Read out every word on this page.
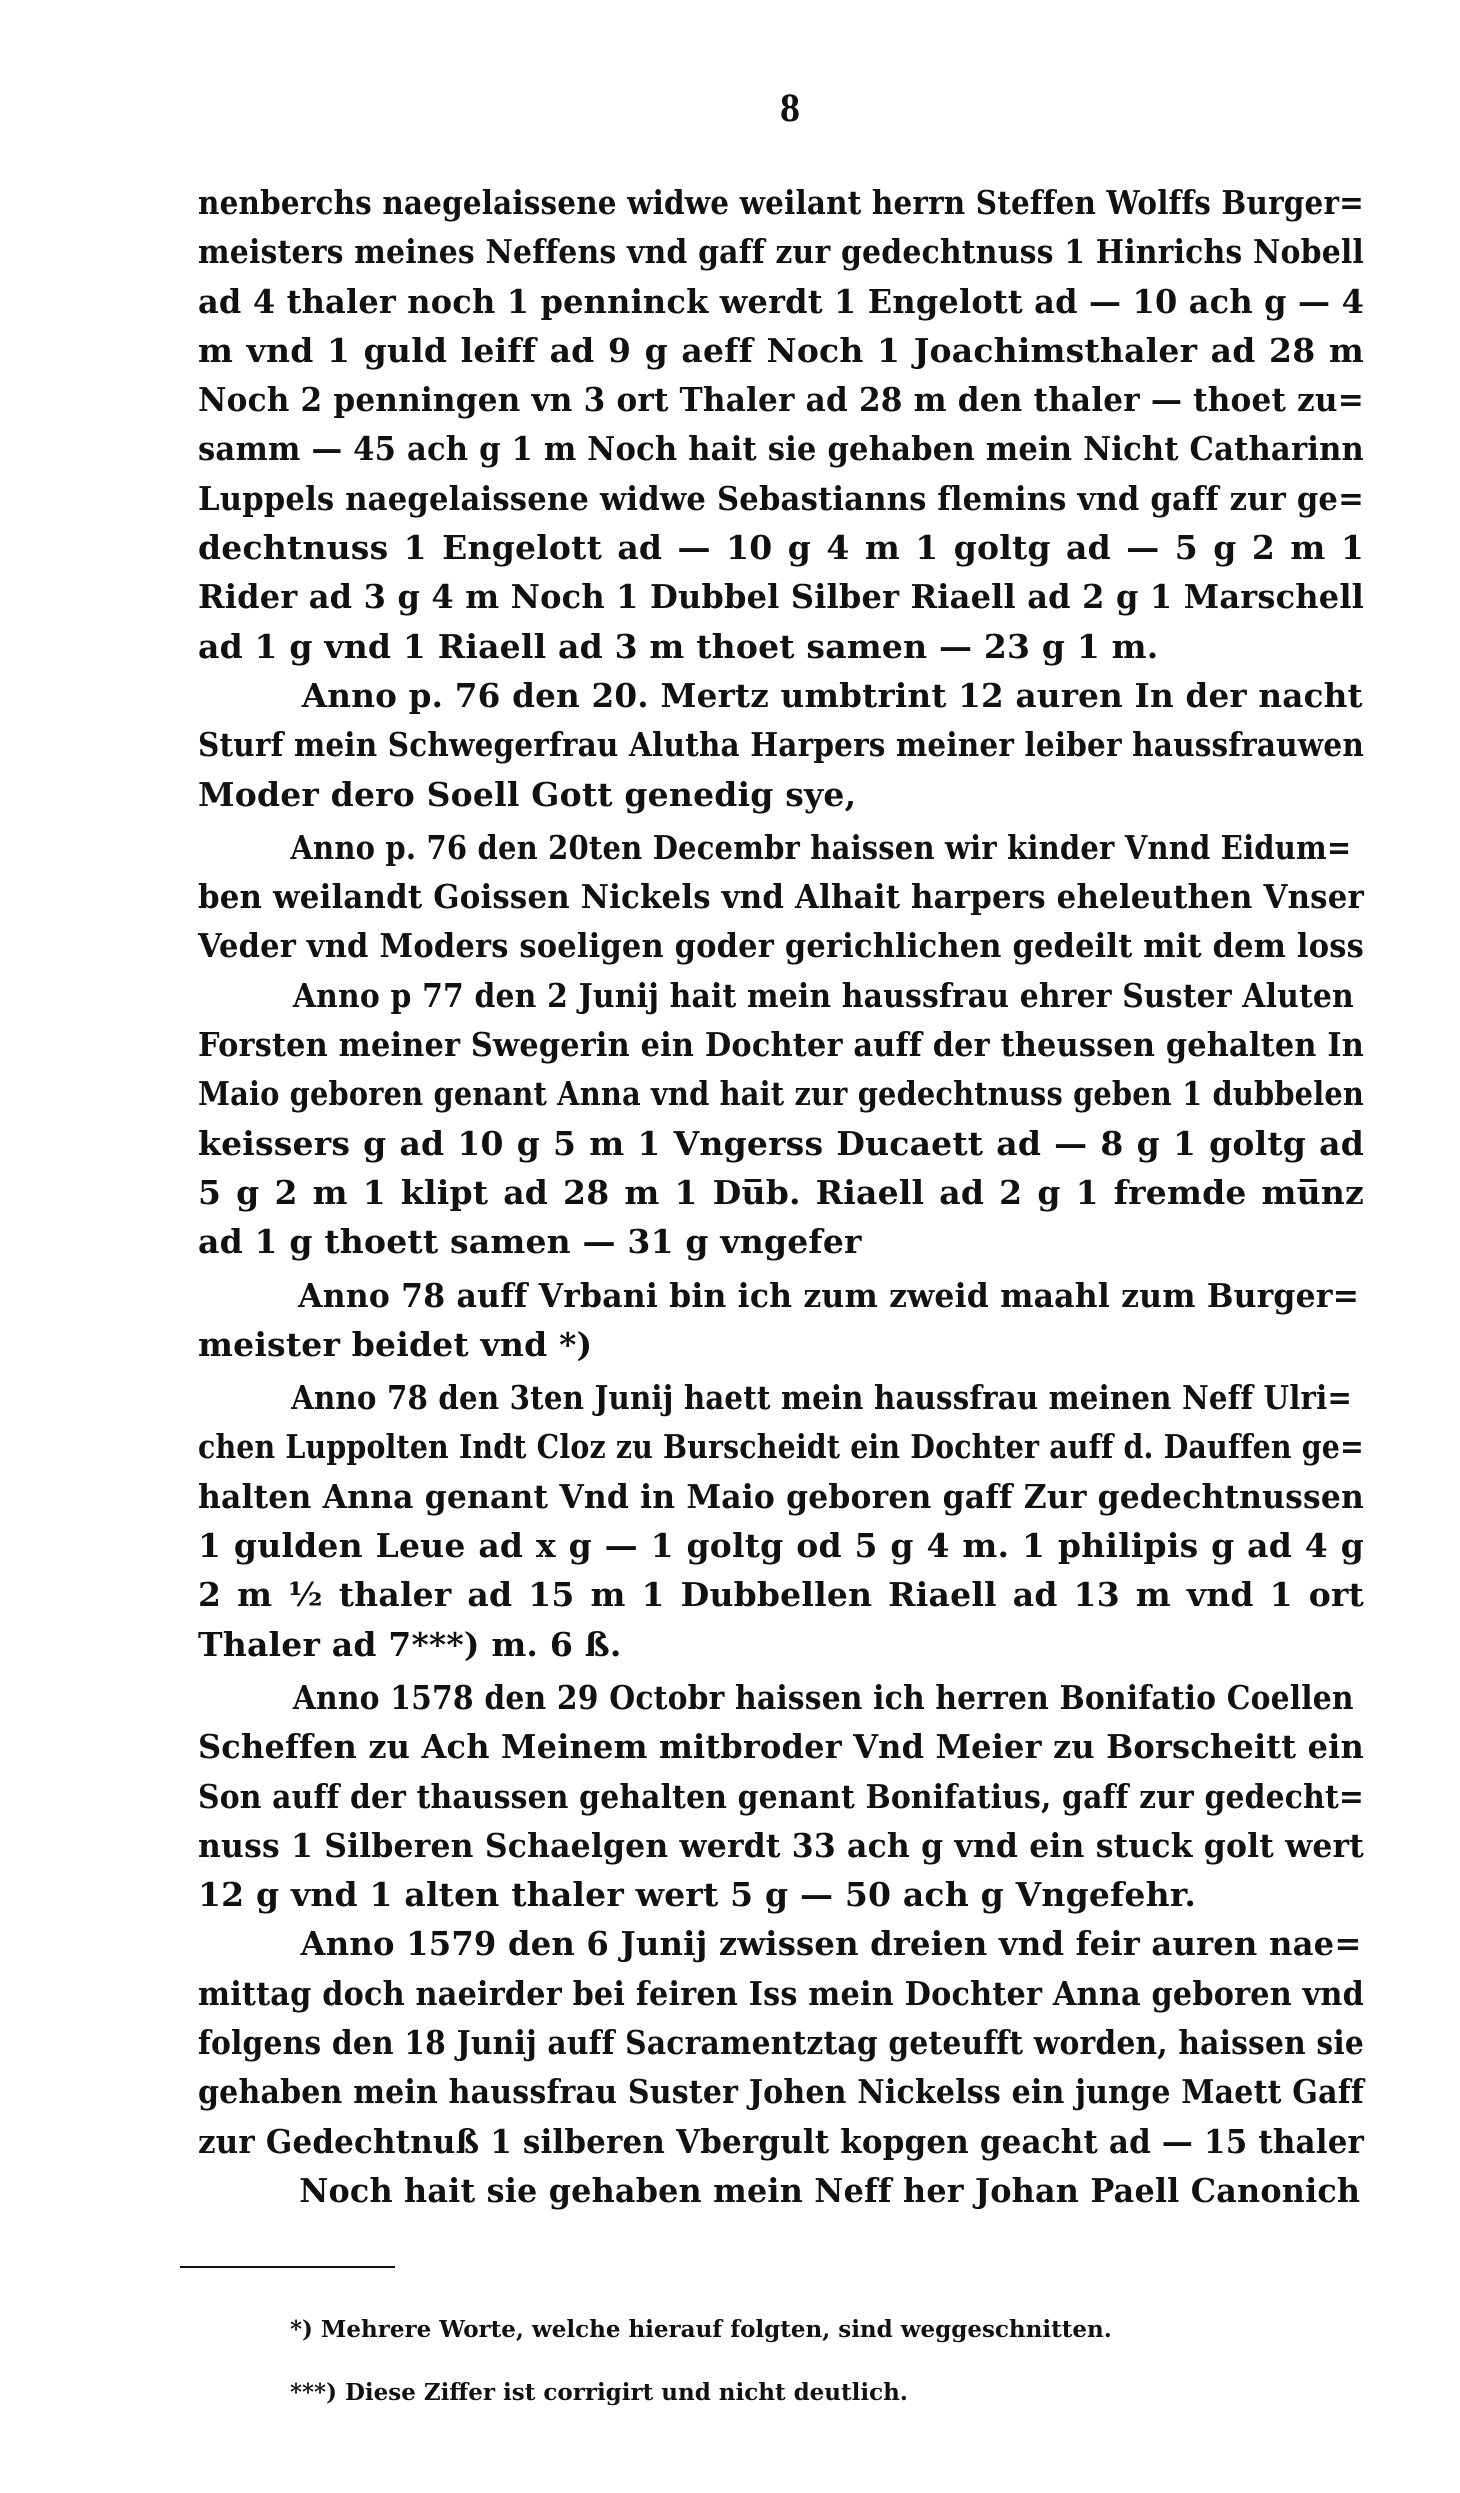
8
nenberchs naegelaissene widwe weilant herrn Steffen Wolffs Burger=
meisters meines Neffens vnd gaff zur gedechtnuss 1 Hinrichs Nobell
ad 4 thaler noch 1 penninck werdt 1 Engelott ad — 10 ach g — 4
m vnd 1 guld leiff ad 9 g aeff Noch 1 Joachimsthaler ad 28 m
Noch 2 penningen vn 3 ort Thaler ad 28 m den thaler — thoet zu=
samm — 45 ach g 1 m Noch hait sie gehaben mein Nicht Catharinn
Luppels naegelaissene widwe Sebastianns flemins vnd gaff zur ge=
dechtnuss 1 Engelott ad — 10 g 4 m 1 goltg ad — 5 g 2 m 1
Rider ad 3 g 4 m Noch 1 Dubbel Silber Riaell ad 2 g 1 Marschell
ad 1 g vnd 1 Riaell ad 3 m thoet samen — 23 g 1 m.
Anno p. 76 den 20. Mertz umbtrint 12 auren In der nacht
Sturf mein Schwegerfrau Alutha Harpers meiner leiber haussfrauwen
Moder dero Soell Gott genedig sye,
Anno p. 76 den 20ten Decembr haissen wir kinder Vnnd Eidum=
ben weilandt Goissen Nickels vnd Alhait harpers eheleuthen Vnser
Veder vnd Moders soeligen goder gerichlichen gedeilt mit dem loss
Anno p 77 den 2 Junij hait mein haussfrau ehrer Suster Aluten
Forsten meiner Swegerin ein Dochter auff der theussen gehalten In
Maio geboren genant Anna vnd hait zur gedechtnuss geben 1 dubbelen
keissers g ad 10 g 5 m 1 Vngerss Ducaett ad — 8 g 1 goltg ad
5 g 2 m 1 klipt ad 28 m 1 Du̅b. Riaell ad 2 g 1 fremde mu̅nz
ad 1 g thoett samen — 31 g vngefer
Anno 78 auff Vrbani bin ich zum zweid maahl zum Burger=
meister beidet vnd *)
Anno 78 den 3ten Junij haett mein haussfrau meinen Neff Ulri=
chen Luppolten Indt Cloz zu Burscheidt ein Dochter auff d. Dauffen ge=
halten Anna genant Vnd in Maio geboren gaff Zur gedechtnussen
1 gulden Leue ad x g — 1 goltg od 5 g 4 m. 1 philipis g ad 4 g
2 m ½ thaler ad 15 m 1 Dubbellen Riaell ad 13 m vnd 1 ort
Thaler ad 7***) m. 6 ß.
Anno 1578 den 29 Octobr haissen ich herren Bonifatio Coellen
Scheffen zu Ach Meinem mitbroder Vnd Meier zu Borscheitt ein
Son auff der thaussen gehalten genant Bonifatius, gaff zur gedecht=
nuss 1 Silberen Schaelgen werdt 33 ach g vnd ein stuck golt wert
12 g vnd 1 alten thaler wert 5 g — 50 ach g Vngefehr.
Anno 1579 den 6 Junij zwissen dreien vnd feir auren nae=
mittag doch naeirder bei feiren Iss mein Dochter Anna geboren vnd
folgens den 18 Junij auff Sacramentztag geteufft worden, haissen sie
gehaben mein haussfrau Suster Johen Nickelss ein junge Maett Gaff
zur Gedechtnuß 1 silberen Vbergult kopgen geacht ad — 15 thaler
Noch hait sie gehaben mein Neff her Johan Paell Canonich
*) Mehrere Worte, welche hierauf folgten, sind weggeschnitten.
***) Diese Ziffer ist corrigirt und nicht deutlich.
